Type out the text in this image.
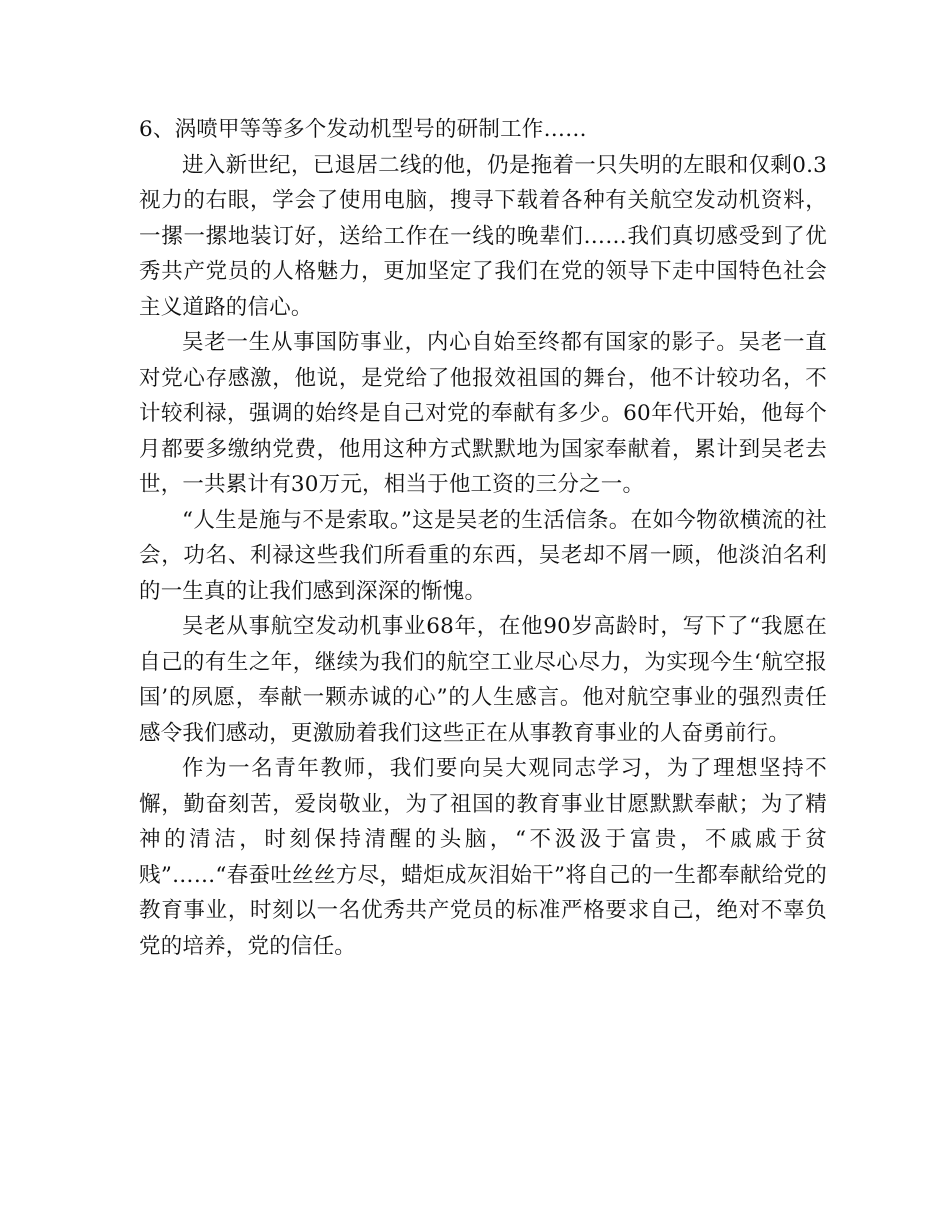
6、涡喷甲等等多个发动机型号的研制工作……

进入新世纪，已退居二线的他，仍是拖着一只失明的左眼和仅剩0.3视力的右眼，学会了使用电脑，搜寻下载着各种有关航空发动机资料，一摞一摞地装订好，送给工作在一线的晚辈们……我们真切感受到了优秀共产党员的人格魅力，更加坚定了我们在党的领导下走中国特色社会主义道路的信心。

吴老一生从事国防事业，内心自始至终都有国家的影子。吴老一直对党心存感激，他说，是党给了他报效祖国的舞台，他不计较功名，不计较利禄，强调的始终是自己对党的奉献有多少。60年代开始，他每个月都要多缴纳党费，他用这种方式默默地为国家奉献着，累计到吴老去世，一共累计有30万元，相当于他工资的三分之一。

“人生是施与不是索取。”这是吴老的生活信条。在如今物欲横流的社会，功名、利禄这些我们所看重的东西，吴老却不屑一顾，他淡泊名利的一生真的让我们感到深深的惭愧。

吴老从事航空发动机事业68年，在他90岁高龄时，写下了“我愿在自己的有生之年，继续为我们的航空工业尽心尽力，为实现今生‘航空报国’的夙愿，奉献一颗赤诚的心”的人生感言。他对航空事业的强烈责任感令我们感动，更激励着我们这些正在从事教育事业的人奋勇前行。

作为一名青年教师，我们要向吴大观同志学习，为了理想坚持不懈，勤奋刻苦，爱岗敬业，为了祖国的教育事业甘愿默默奉献；为了精神的清洁，时刻保持清醒的头脑，“不汲汲于富贵，不戚戚于贫贱”……“春蚕吐丝丝方尽，蜡炬成灰泪始干”将自己的一生都奉献给党的教育事业，时刻以一名优秀共产党员的标准严格要求自己，绝对不辜负党的培养，党的信任。
